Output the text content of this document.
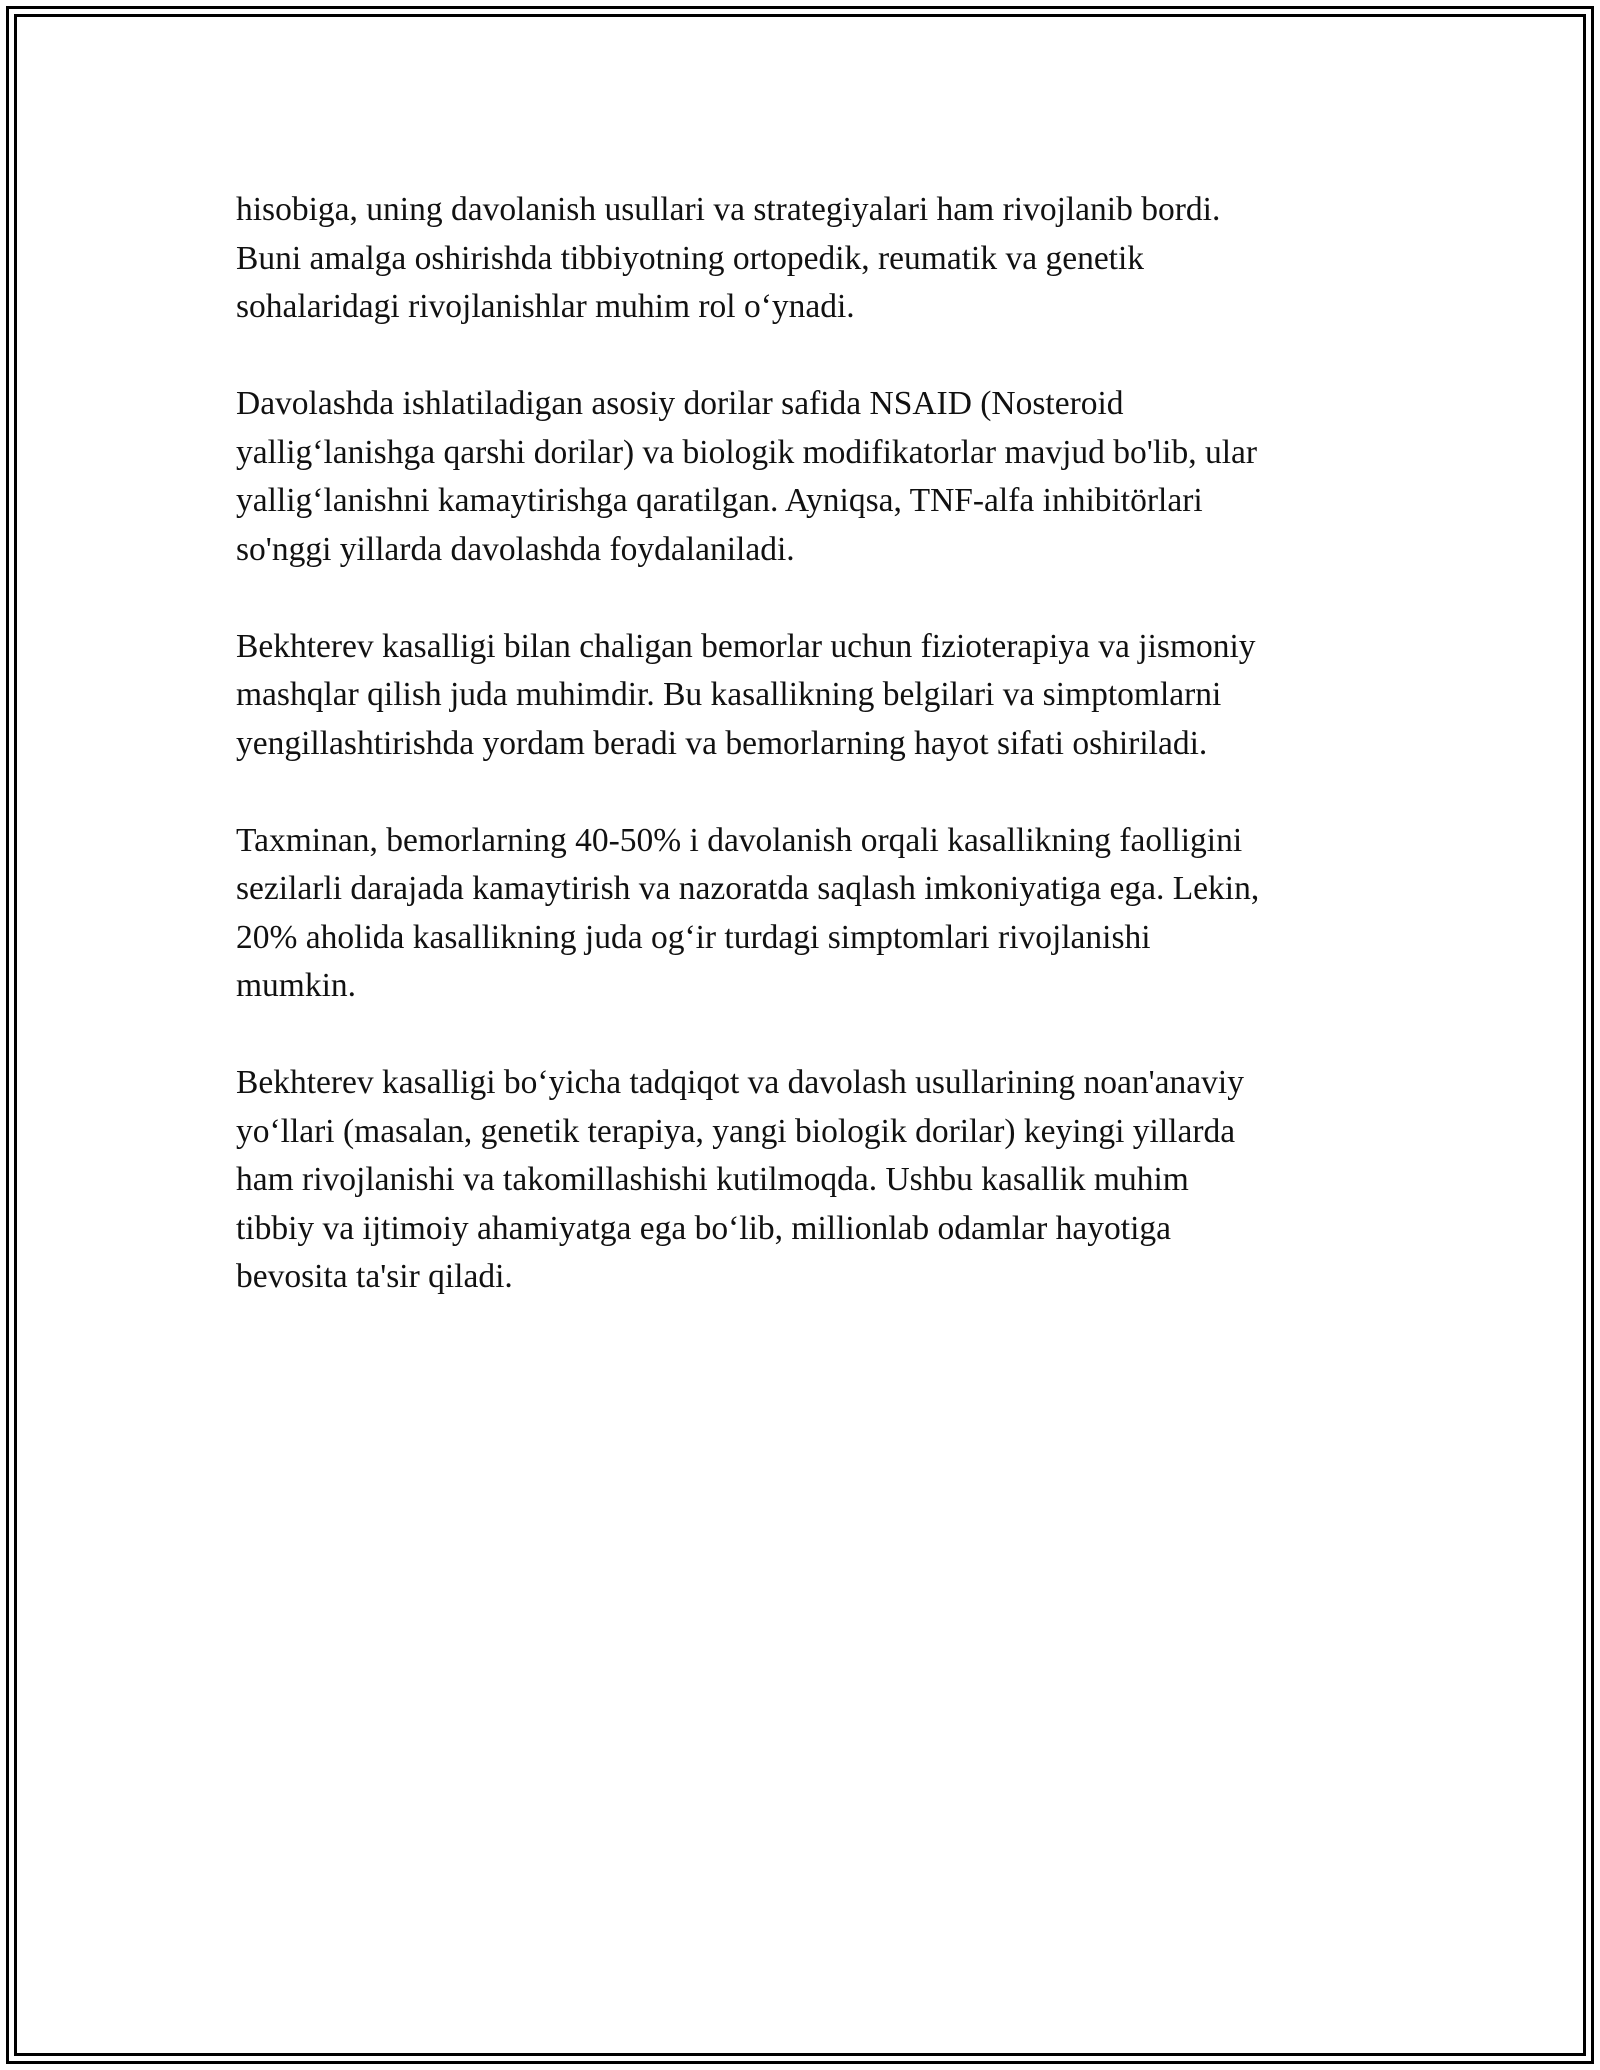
hisobiga, uning davolanish usullari va strategiyalari ham rivojlanib bordi.
Buni amalga oshirishda tibbiyotning ortopedik, reumatik va genetik
sohalaridagi rivojlanishlar muhim rol o‘ynadi.

Davolashda ishlatiladigan asosiy dorilar safida NSAID (Nosteroid
yallig‘lanishga qarshi dorilar) va biologik modifikatorlar mavjud bo'lib, ular
yallig‘lanishni kamaytirishga qaratilgan. Ayniqsa, TNF-alfa inhibitörlari
so'nggi yillarda davolashda foydalaniladi.

Bekhterev kasalligi bilan chaligan bemorlar uchun fizioterapiya va jismoniy
mashqlar qilish juda muhimdir. Bu kasallikning belgilari va simptomlarni
yengillashtirishda yordam beradi va bemorlarning hayot sifati oshiriladi.

Taxminan, bemorlarning 40-50% i davolanish orqali kasallikning faolligini
sezilarli darajada kamaytirish va nazoratda saqlash imkoniyatiga ega. Lekin,
20% aholida kasallikning juda og‘ir turdagi simptomlari rivojlanishi
mumkin.

Bekhterev kasalligi bo‘yicha tadqiqot va davolash usullarining noan'anaviy
yo‘llari (masalan, genetik terapiya, yangi biologik dorilar) keyingi yillarda
ham rivojlanishi va takomillashishi kutilmoqda. Ushbu kasallik muhim
tibbiy va ijtimoiy ahamiyatga ega bo‘lib, millionlab odamlar hayotiga
bevosita ta'sir qiladi.
